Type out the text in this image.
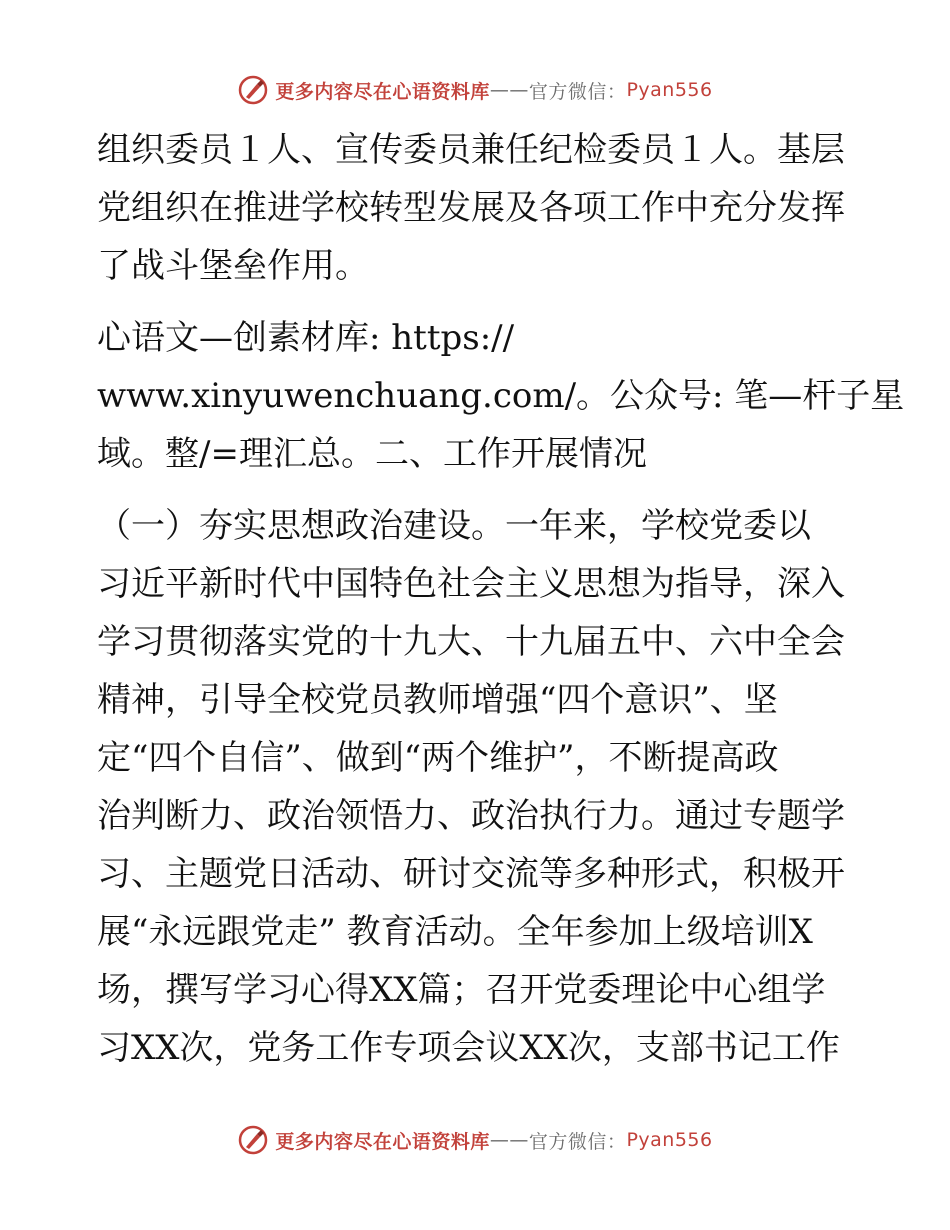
更多内容尽在心语资料库 —— 官方微信： Pyan556
组织委员１人、宣传委员兼任纪检委员１人。基层
党组织在推进学校转型发展及各项工作中充分发挥
了战斗堡垒作用。
心语文—创素材库: https://
www.xinyuwenchuang.com/。公众号: 笔—杆子星
域。整/=理汇总。二、工作开展情况
（一）夯实思想政治建设。一年来，学校党委以
习近平新时代中国特色社会主义思想为指导，深入
学习贯彻落实党的十九大、十九届五中、六中全会
精神，引导全校党员教师增强“四个意识”、坚
定“四个自信”、做到“两个维护”，不断提高政
治判断力、政治领悟力、政治执行力。通过专题学
习、主题党日活动、研讨交流等多种形式，积极开
展“永远跟党走” 教育活动。全年参加上级培训X
场，撰写学习心得XX篇；召开党委理论中心组学
习XX次，党务工作专项会议XX次，支部书记工作
更多内容尽在心语资料库 —— 官方微信： Pyan556
